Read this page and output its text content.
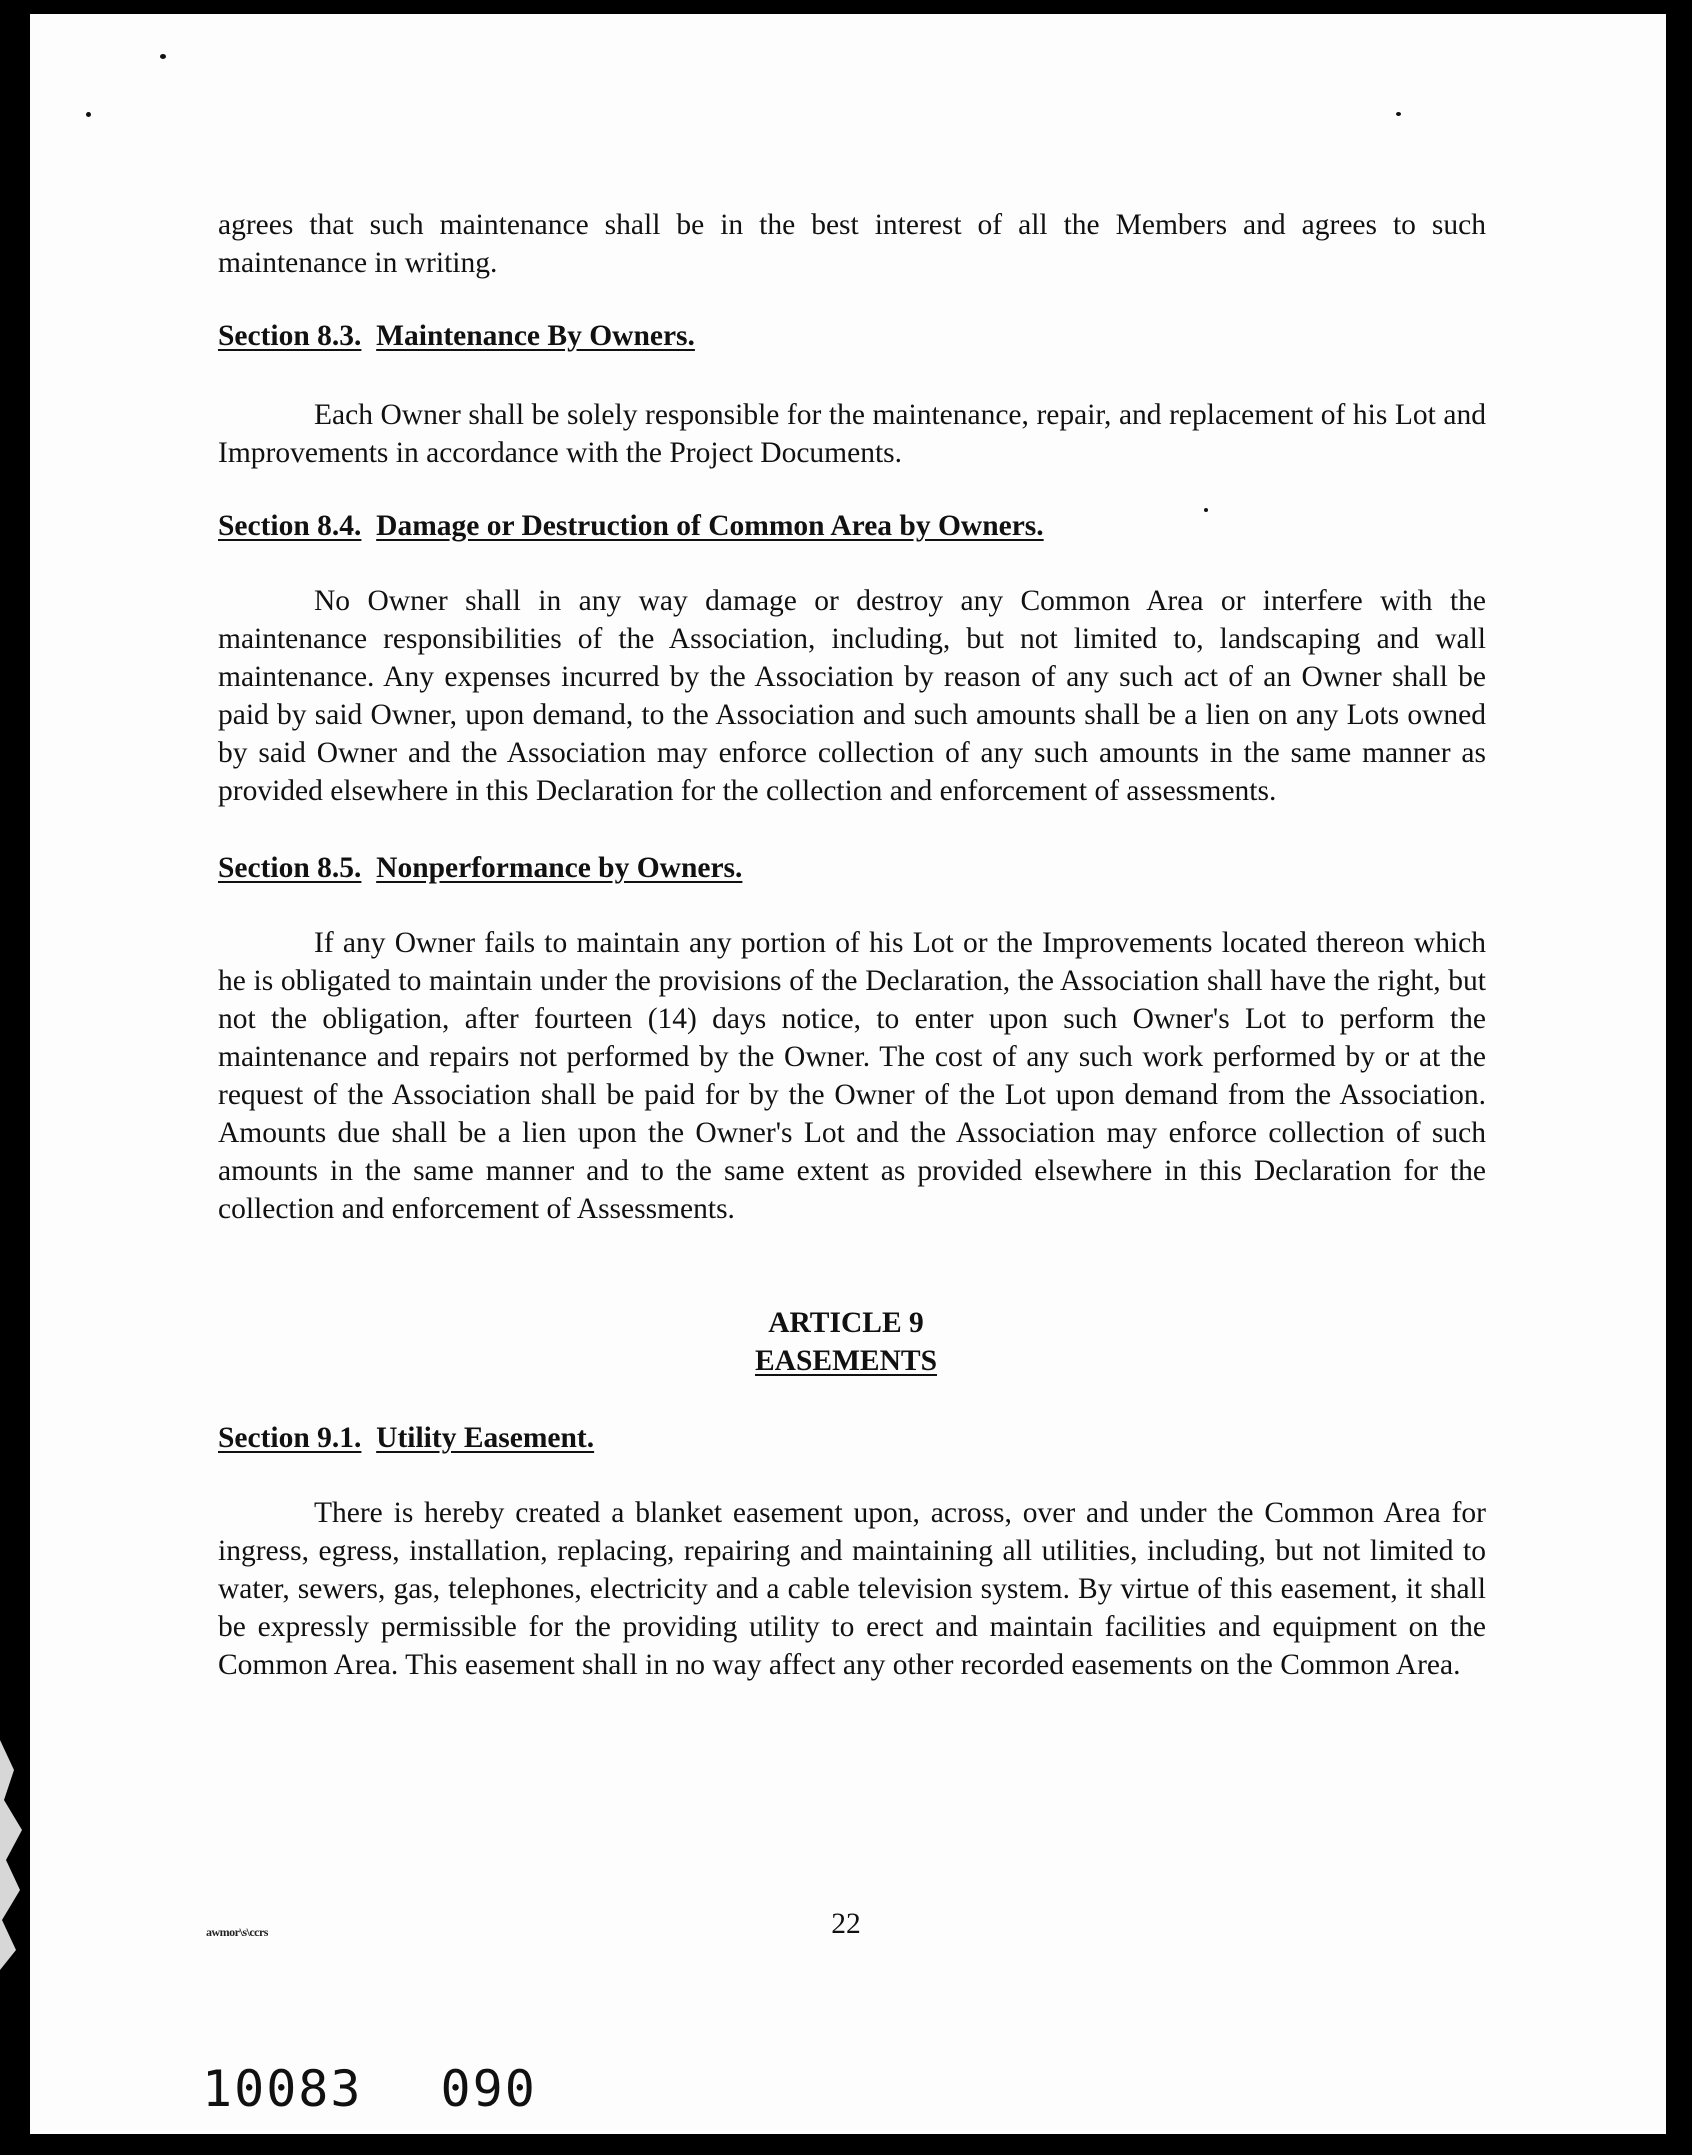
agrees that such maintenance shall be in the best interest of all the Members and agrees to such maintenance in writing.

Section 8.3. Maintenance By Owners.

Each Owner shall be solely responsible for the maintenance, repair, and replacement of his Lot and Improvements in accordance with the Project Documents.

Section 8.4. Damage or Destruction of Common Area by Owners.

No Owner shall in any way damage or destroy any Common Area or interfere with the maintenance responsibilities of the Association, including, but not limited to, landscaping and wall maintenance. Any expenses incurred by the Association by reason of any such act of an Owner shall be paid by said Owner, upon demand, to the Association and such amounts shall be a lien on any Lots owned by said Owner and the Association may enforce collection of any such amounts in the same manner as provided elsewhere in this Declaration for the collection and enforcement of assessments.

Section 8.5. Nonperformance by Owners.

If any Owner fails to maintain any portion of his Lot or the Improvements located thereon which he is obligated to maintain under the provisions of the Declaration, the Association shall have the right, but not the obligation, after fourteen (14) days notice, to enter upon such Owner's Lot to perform the maintenance and repairs not performed by the Owner. The cost of any such work performed by or at the request of the Association shall be paid for by the Owner of the Lot upon demand from the Association. Amounts due shall be a lien upon the Owner's Lot and the Association may enforce collection of such amounts in the same manner and to the same extent as provided elsewhere in this Declaration for the collection and enforcement of Assessments.

ARTICLE 9
EASEMENTS
Section 9.1. Utility Easement.

There is hereby created a blanket easement upon, across, over and under the Common Area for ingress, egress, installation, replacing, repairing and maintaining all utilities, including, but not limited to water, sewers, gas, telephones, electricity and a cable television system. By virtue of this easement, it shall be expressly permissible for the providing utility to erect and maintain facilities and equipment on the Common Area. This easement shall in no way affect any other recorded easements on the Common Area.

awmor\s\ccrs	22
10083 090
